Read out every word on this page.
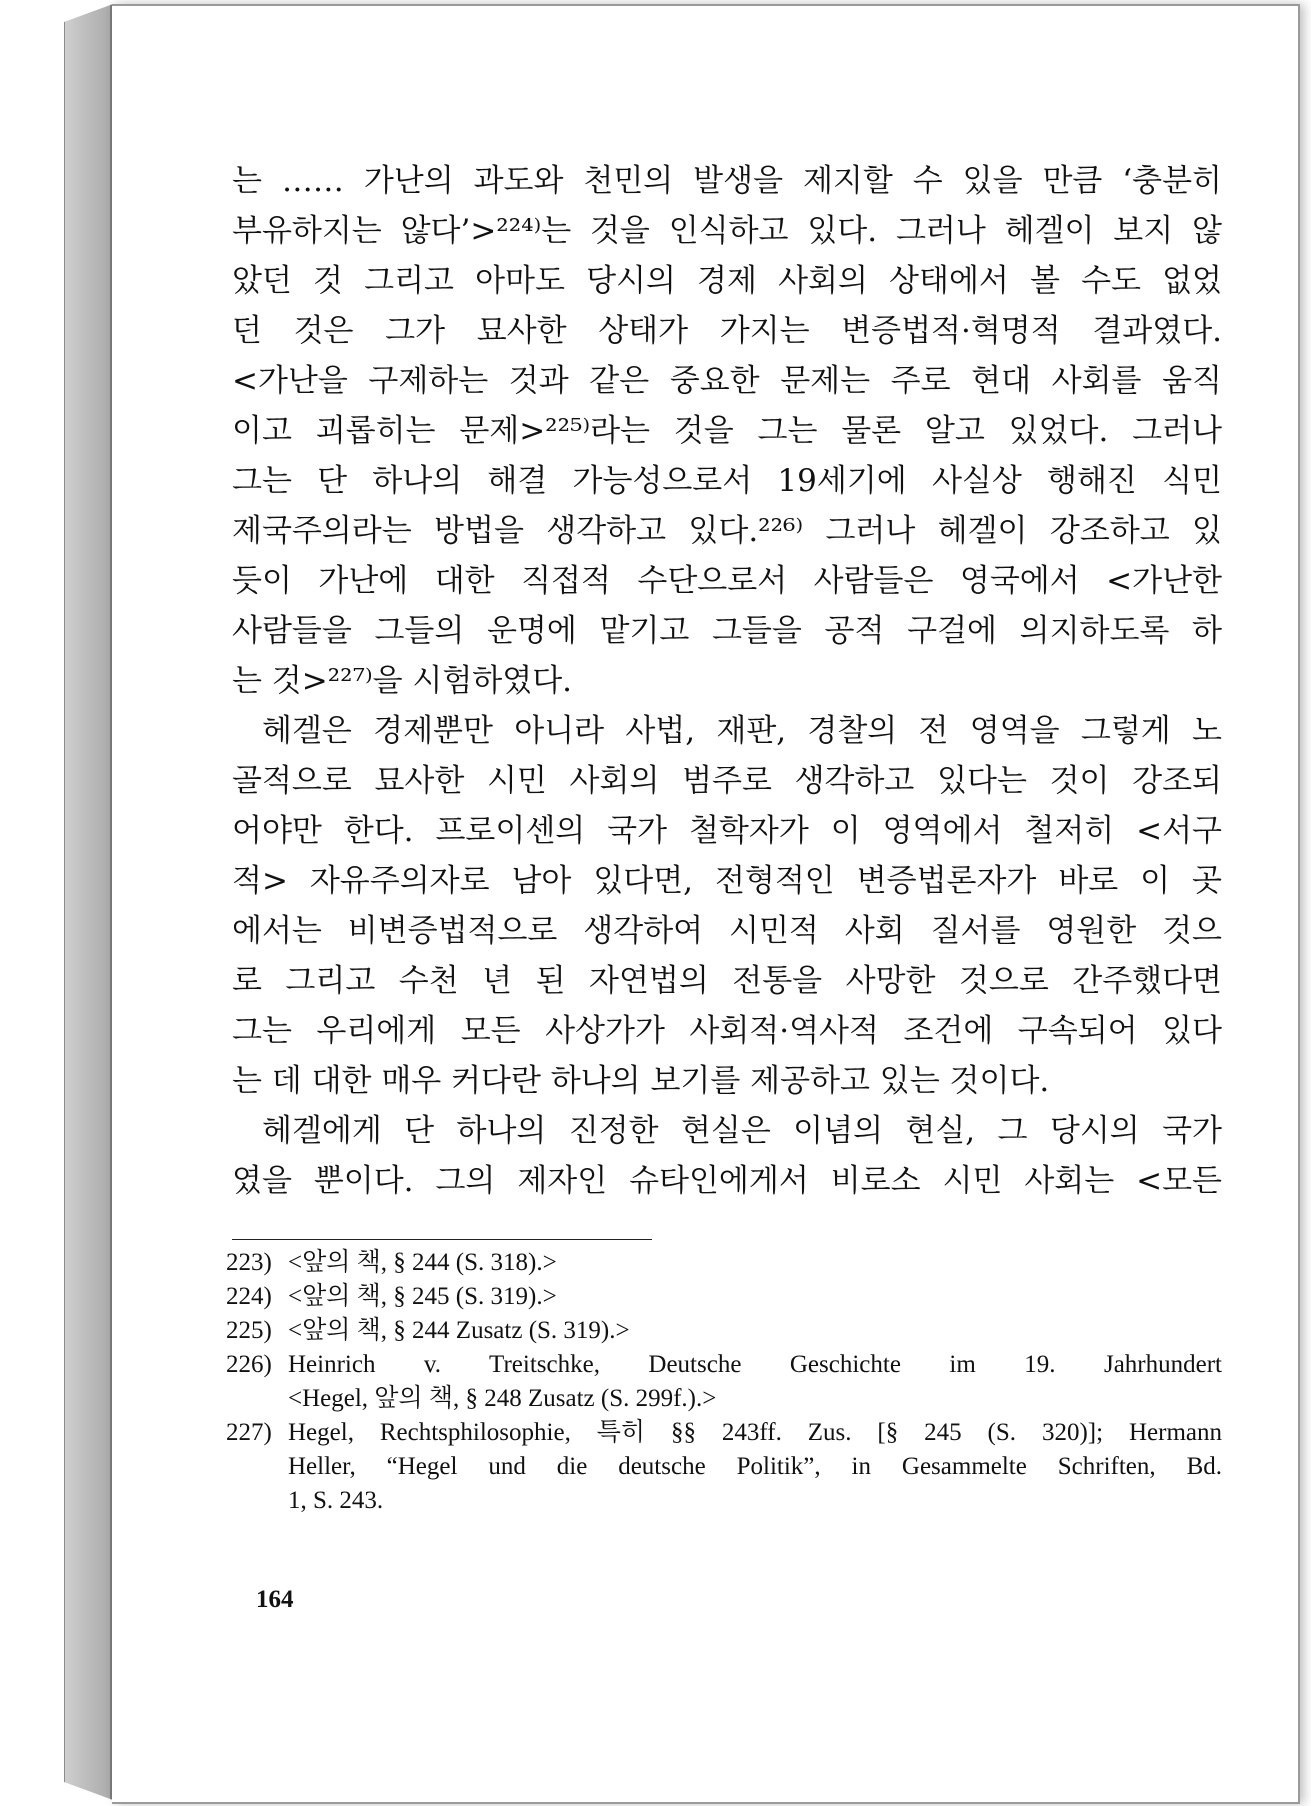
는 …… 가난의 과도와 천민의 발생을 제지할 수 있을 만큼 ‘충분히
부유하지는 않다’>²²⁴⁾는 것을 인식하고 있다. 그러나 헤겔이 보지 않
았던 것 그리고 아마도 당시의 경제 사회의 상태에서 볼 수도 없었
던 것은 그가 묘사한 상태가 가지는 변증법적·혁명적 결과였다.
<가난을 구제하는 것과 같은 중요한 문제는 주로 현대 사회를 움직
이고 괴롭히는 문제>²²⁵⁾라는 것을 그는 물론 알고 있었다. 그러나
그는 단 하나의 해결 가능성으로서 19세기에 사실상 행해진 식민
제국주의라는 방법을 생각하고 있다.²²⁶⁾ 그러나 헤겔이 강조하고 있
듯이 가난에 대한 직접적 수단으로서 사람들은 영국에서 <가난한
사람들을 그들의 운명에 맡기고 그들을 공적 구걸에 의지하도록 하
는 것>²²⁷⁾을 시험하였다.
헤겔은 경제뿐만 아니라 사법, 재판, 경찰의 전 영역을 그렇게 노
골적으로 묘사한 시민 사회의 범주로 생각하고 있다는 것이 강조되
어야만 한다. 프로이센의 국가 철학자가 이 영역에서 철저히 <서구
적> 자유주의자로 남아 있다면, 전형적인 변증법론자가 바로 이 곳
에서는 비변증법적으로 생각하여 시민적 사회 질서를 영원한 것으
로 그리고 수천 년 된 자연법의 전통을 사망한 것으로 간주했다면
그는 우리에게 모든 사상가가 사회적·역사적 조건에 구속되어 있다
는 데 대한 매우 커다란 하나의 보기를 제공하고 있는 것이다.
헤겔에게 단 하나의 진정한 현실은 이념의 현실, 그 당시의 국가
였을 뿐이다. 그의 제자인 슈타인에게서 비로소 시민 사회는 <모든
223) <앞의 책, § 244 (S. 318).>
224) <앞의 책, § 245 (S. 319).>
225) <앞의 책, § 244 Zusatz (S. 319).>
226) Heinrich v. Treitschke, Deutsche Geschichte im 19. Jahrhundert
<Hegel, 앞의 책, § 248 Zusatz (S. 299f.).>
227) Hegel, Rechtsphilosophie, 특히 §§ 243ff. Zus. [§ 245 (S. 320)]; Hermann
Heller, “Hegel und die deutsche Politik”, in Gesammelte Schriften, Bd.
1, S. 243.
164
